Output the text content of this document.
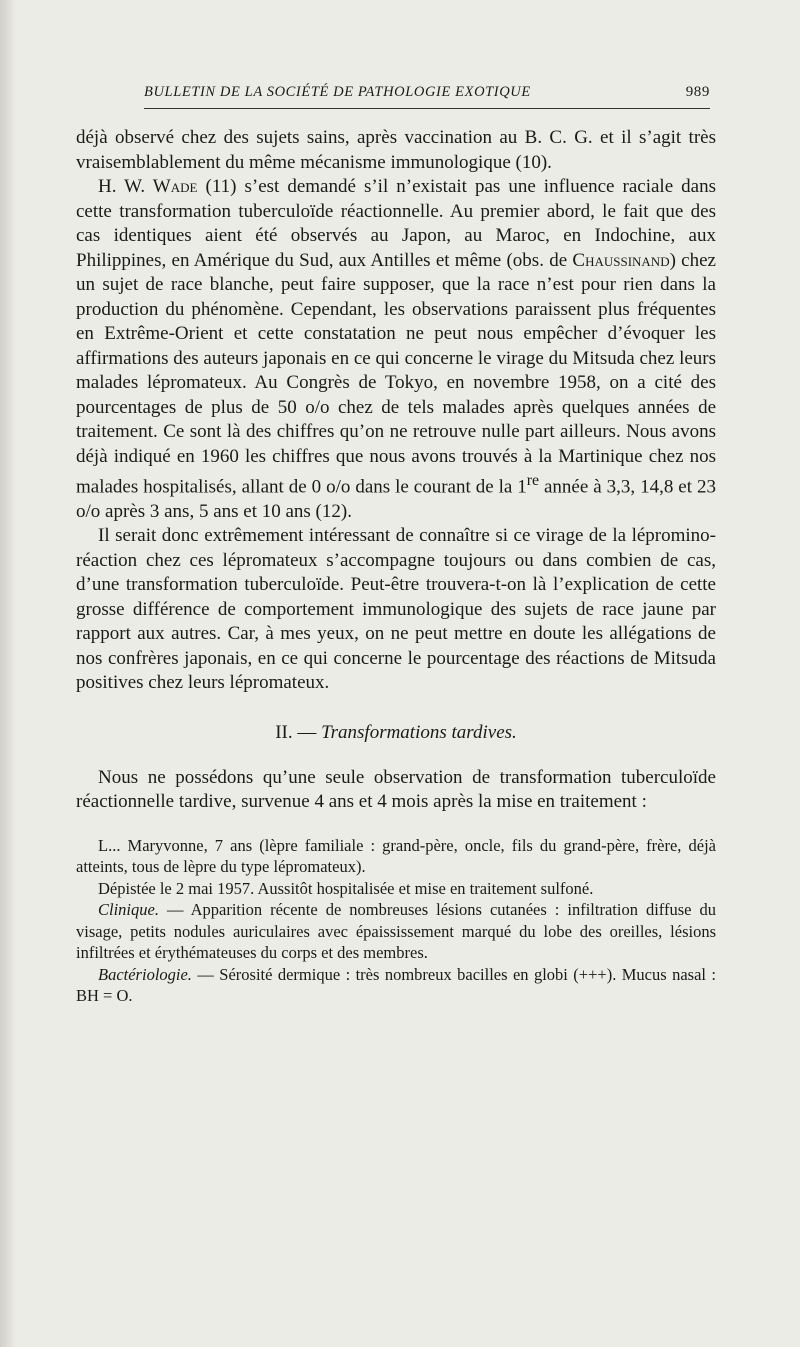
BULLETIN DE LA SOCIÉTÉ DE PATHOLOGIE EXOTIQUE	989

déjà observé chez des sujets sains, après vaccination au B. C. G. et il s’agit très vraisemblablement du même mécanisme immunologique (10).

H. W. Wade (11) s’est demandé s’il n’existait pas une influence raciale dans cette transformation tuberculoïde réactionnelle. Au premier abord, le fait que des cas identiques aient été observés au Japon, au Maroc, en Indochine, aux Philippines, en Amérique du Sud, aux Antilles et même (obs. de Chaussinand) chez un sujet de race blanche, peut faire supposer, que la race n’est pour rien dans la production du phénomène. Cependant, les observations paraissent plus fréquentes en Extrême-Orient et cette constatation ne peut nous empêcher d’évoquer les affirmations des auteurs japonais en ce qui concerne le virage du Mitsuda chez leurs malades lépromateux. Au Congrès de Tokyo, en novembre 1958, on a cité des pourcentages de plus de 50 o/o chez de tels malades après quelques années de traitement. Ce sont là des chiffres qu’on ne retrouve nulle part ailleurs. Nous avons déjà indiqué en 1960 les chiffres que nous avons trouvés à la Martinique chez nos malades hospitalisés, allant de 0 o/o dans le courant de la 1re année à 3,3, 14,8 et 23 o/o après 3 ans, 5 ans et 10 ans (12).

Il serait donc extrêmement intéressant de connaître si ce virage de la lépromino-réaction chez ces lépromateux s’accompagne toujours ou dans combien de cas, d’une transformation tuberculoïde. Peut-être trouvera-t-on là l’explication de cette grosse différence de comportement immunologique des sujets de race jaune par rapport aux autres. Car, à mes yeux, on ne peut mettre en doute les allégations de nos confrères japonais, en ce qui concerne le pourcentage des réactions de Mitsuda positives chez leurs lépromateux.

II. — Transformations tardives.

Nous ne possédons qu’une seule observation de transformation tuberculoïde réactionnelle tardive, survenue 4 ans et 4 mois après la mise en traitement :

L... Maryvonne, 7 ans (lèpre familiale : grand-père, oncle, fils du grand-père, frère, déjà atteints, tous de lèpre du type lépromateux).

Dépistée le 2 mai 1957. Aussitôt hospitalisée et mise en traitement sulfoné.

Clinique. — Apparition récente de nombreuses lésions cutanées : infiltration diffuse du visage, petits nodules auriculaires avec épaississement marqué du lobe des oreilles, lésions infiltrées et érythémateuses du corps et des membres.

Bactériologie. — Sérosité dermique : très nombreux bacilles en globi (+++). Mucus nasal : BH = O.
